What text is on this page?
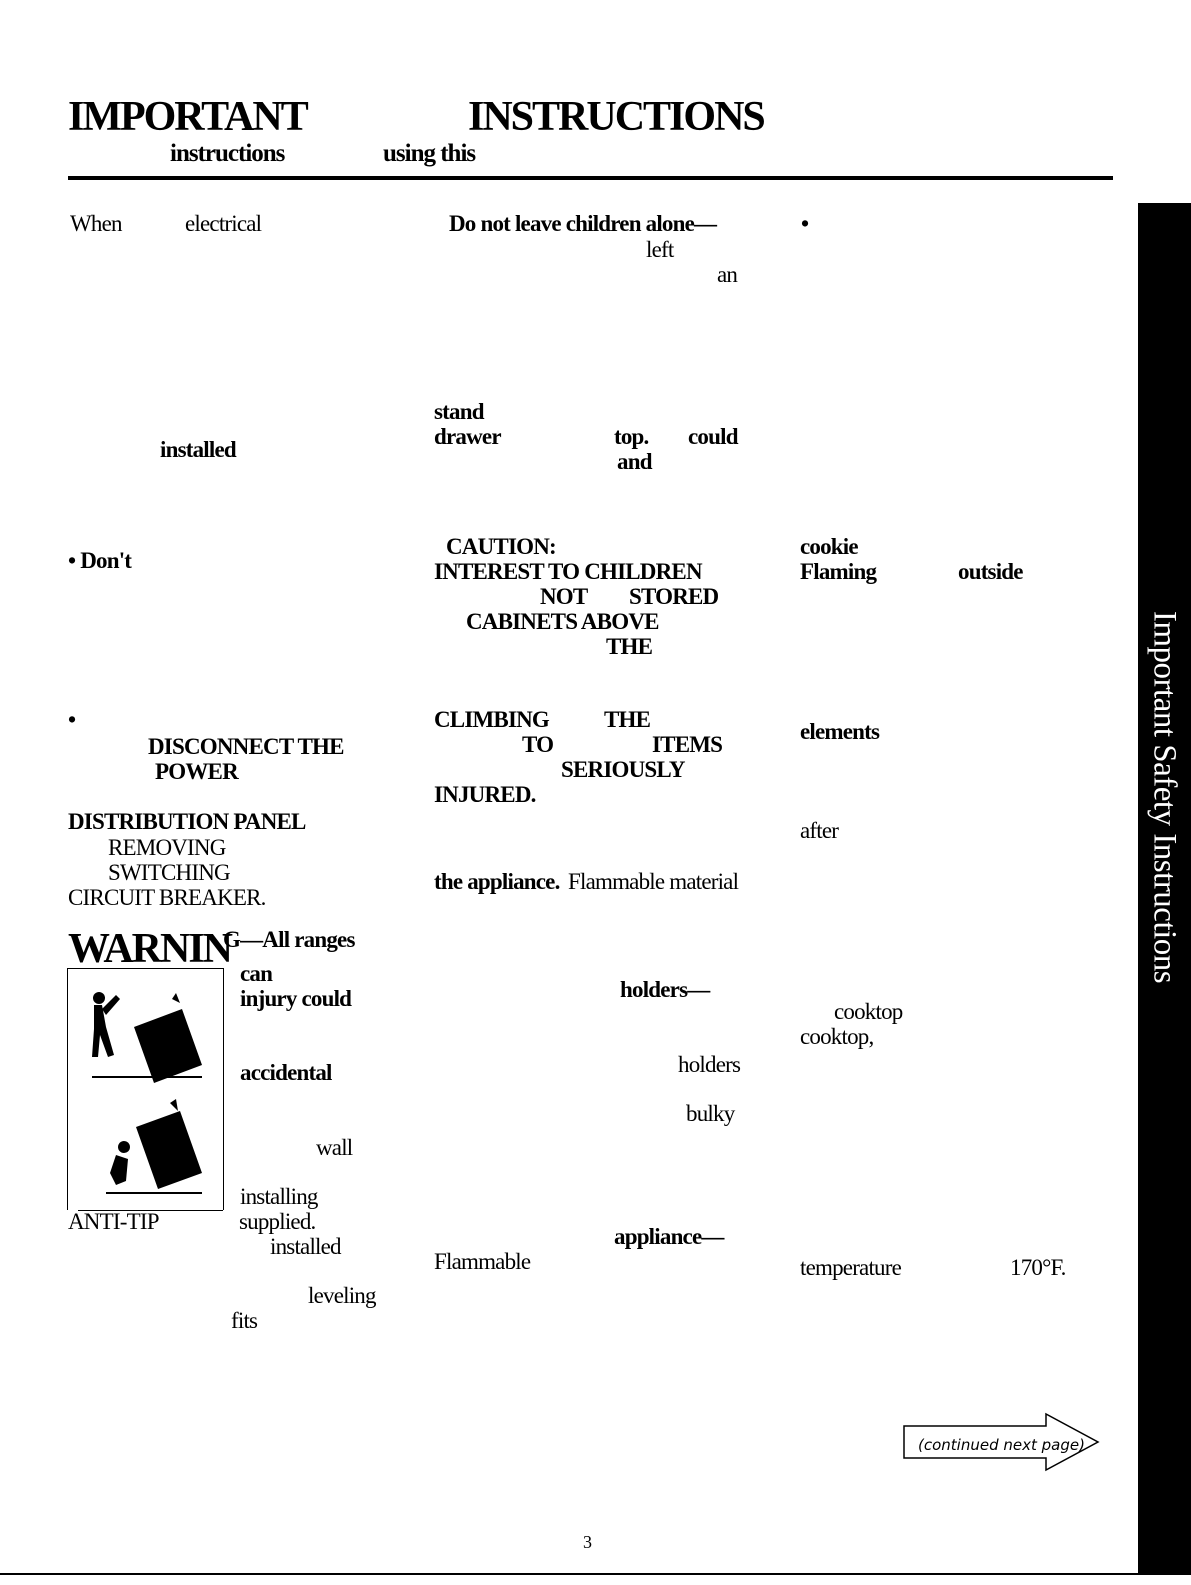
IMPORTANT	INSTRUCTIONS
instructions	using this
When	electrical
installed
• Don't
•
DISCONNECT THE
POWER
DISTRIBUTION PANEL
REMOVING
SWITCHING
CIRCUIT BREAKER.
WARNIN
G—All ranges
can
injury could
accidental
wall
installing
ANTI-TIP	supplied.
installed
leveling
fits
Do not leave children alone—
left
an
stand
drawer	top. could
and
CAUTION:
INTEREST TO CHILDREN
NOT STORED
CABINETS ABOVE
THE
CLIMBING THE
TO	ITEMS
SERIOUSLY
INJURED.
the appliance. Flammable material
holders—
holders
bulky
appliance—
Flammable
•
cookie
Flaming	outside
elements
after
cooktop
cooktop,
temperature	170°F.
Important Safety Instructions
(continued next page)
3
